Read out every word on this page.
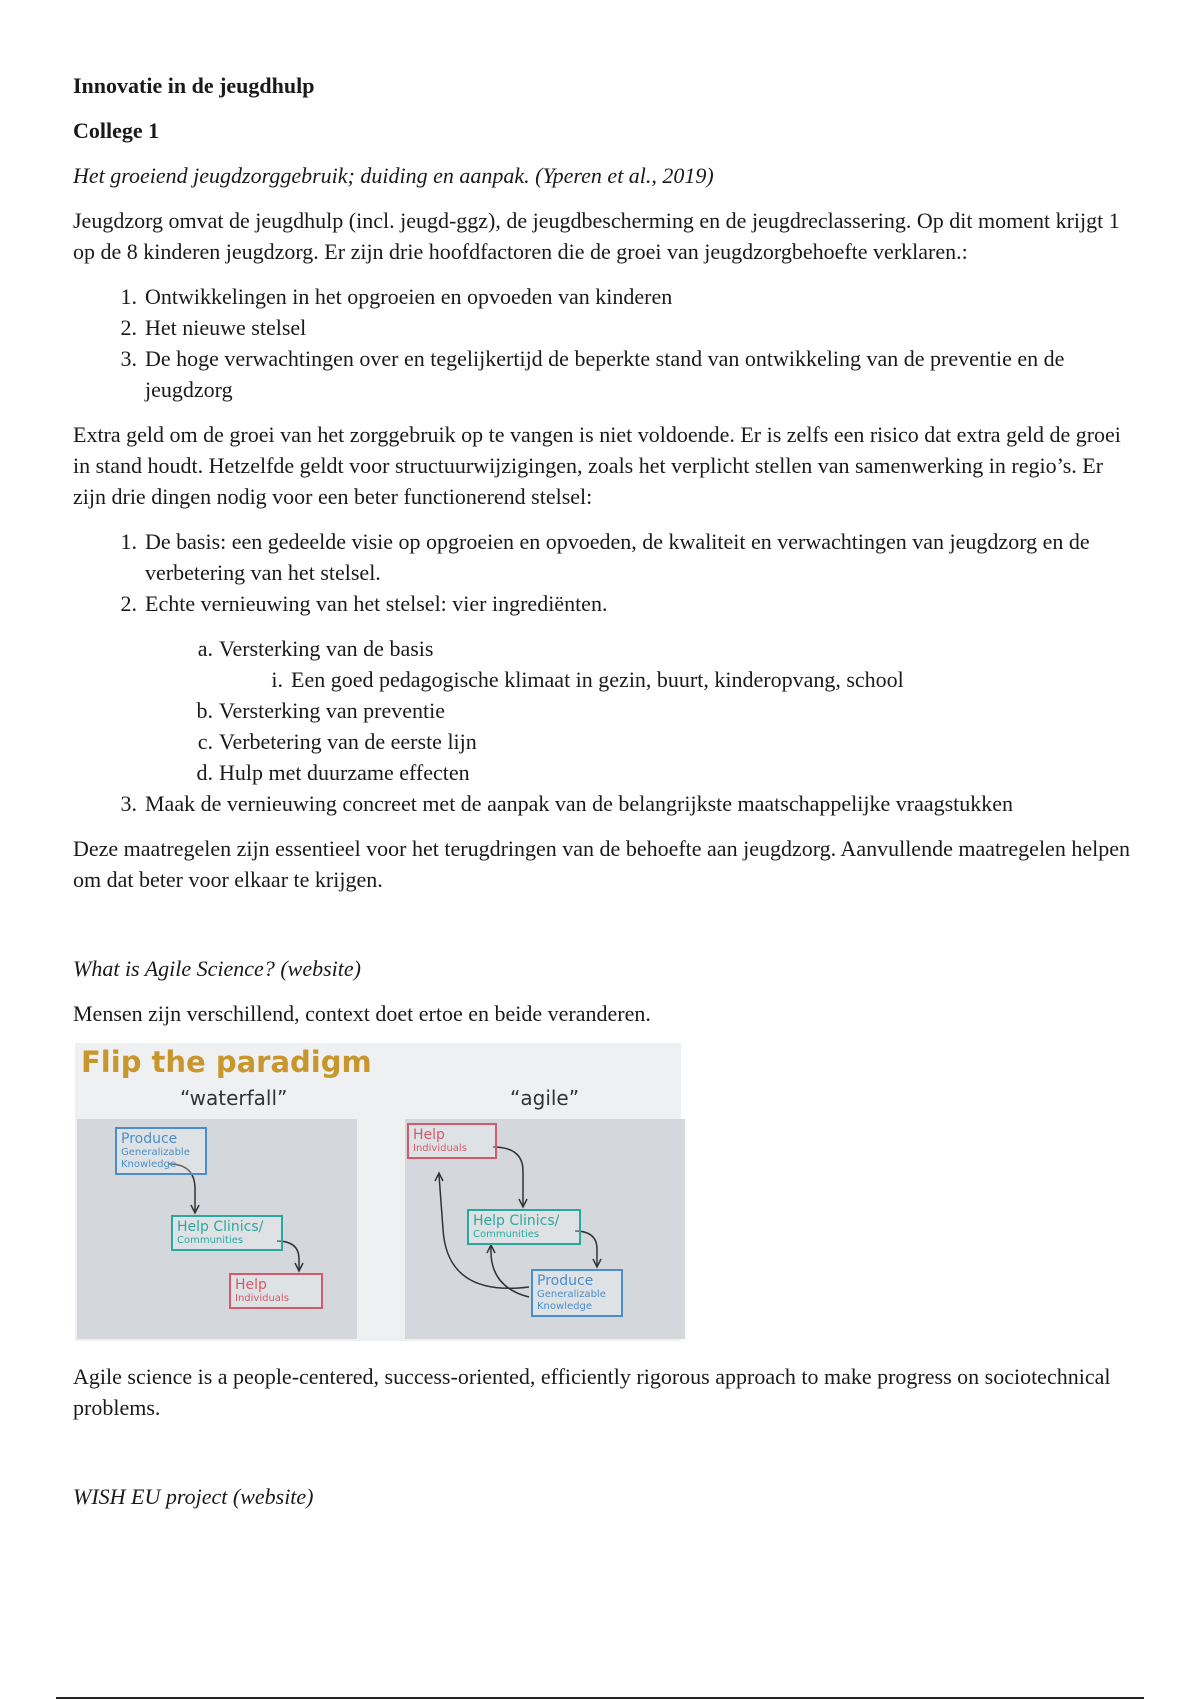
Innovatie in de jeugdhulp
College 1
Het groeiend jeugdzorggebruik; duiding en aanpak. (Yperen et al., 2019)

Jeugdzorg omvat de jeugdhulp (incl. jeugd-ggz), de jeugdbescherming en de jeugdreclassering. Op dit moment krijgt 1 op de 8 kinderen jeugdzorg. Er zijn drie hoofdfactoren die de groei van jeugdzorgbehoefte verklaren.:

1. Ontwikkelingen in het opgroeien en opvoeden van kinderen
2. Het nieuwe stelsel
3. De hoge verwachtingen over en tegelijkertijd de beperkte stand van ontwikkeling van de preventie en de jeugdzorg

Extra geld om de groei van het zorggebruik op te vangen is niet voldoende. Er is zelfs een risico dat extra geld de groei in stand houdt. Hetzelfde geldt voor structuurwijzigingen, zoals het verplicht stellen van samenwerking in regio’s. Er zijn drie dingen nodig voor een beter functionerend stelsel:

1. De basis: een gedeelde visie op opgroeien en opvoeden, de kwaliteit en verwachtingen van jeugdzorg en de verbetering van het stelsel.
2. Echte vernieuwing van het stelsel: vier ingrediënten.
a. Versterking van de basis
i. Een goed pedagogische klimaat in gezin, buurt, kinderopvang, school
b. Versterking van preventie
c. Verbetering van de eerste lijn
d. Hulp met duurzame effecten
3. Maak de vernieuwing concreet met de aanpak van de belangrijkste maatschappelijke vraagstukken

Deze maatregelen zijn essentieel voor het terugdringen van de behoefte aan jeugdzorg. Aanvullende maatregelen helpen om dat beter voor elkaar te krijgen.

What is Agile Science? (website)

Mensen zijn verschillend, context doet ertoe en beide veranderen.

Flip the paradigm
“waterfall”	“agile”
Produce
Generalizable Knowledge
Help Clinics/
Communities
Help
Individuals
Help
Individuals
Help Clinics/
Communities
Produce
Generalizable Knowledge

Agile science is a people-centered, success-oriented, efficiently rigorous approach to make progress on sociotechnical problems.

WISH EU project (website)
